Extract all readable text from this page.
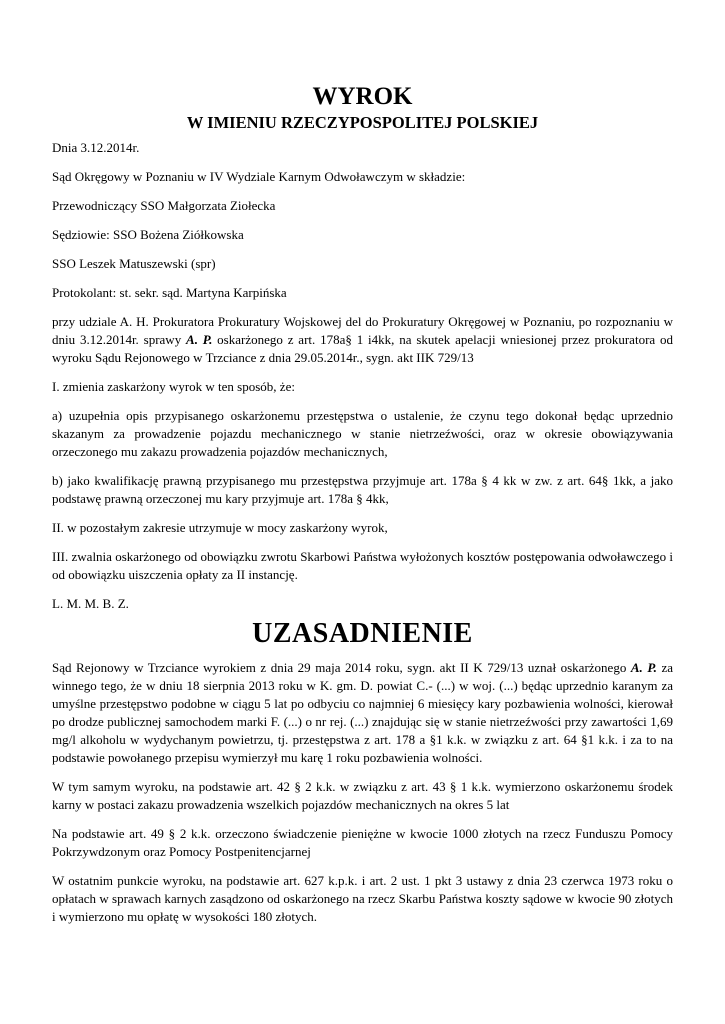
WYROK
W IMIENIU RZECZYPOSPOLITEJ POLSKIEJ

Dnia 3.12.2014r.

Sąd Okręgowy w Poznaniu w IV Wydziale Karnym Odwoławczym w składzie:

Przewodniczący SSO Małgorzata Ziołecka

Sędziowie: SSO Bożena Ziółkowska

SSO Leszek Matuszewski (spr)

Protokolant: st. sekr. sąd. Martyna Karpińska

przy udziale A. H. Prokuratora Prokuratury Wojskowej del do Prokuratury Okręgowej w Poznaniu, po rozpoznaniu w dniu 3.12.2014r. sprawy A. P. oskarżonego z art. 178a§ 1 i4kk, na skutek apelacji wniesionej przez prokuratora od wyroku Sądu Rejonowego w Trzciance z dnia 29.05.2014r., sygn. akt IIK 729/13

I. zmienia zaskarżony wyrok w ten sposób, że:

a) uzupełnia opis przypisanego oskarżonemu przestępstwa o ustalenie, że czynu tego dokonał będąc uprzednio skazanym za prowadzenie pojazdu mechanicznego w stanie nietrzeźwości, oraz w okresie obowiązywania orzeczonego mu zakazu prowadzenia pojazdów mechanicznych,

b) jako kwalifikację prawną przypisanego mu przestępstwa przyjmuje art. 178a § 4 kk w zw. z art. 64§ 1kk, a jako podstawę prawną orzeczonej mu kary przyjmuje art. 178a § 4kk,

II. w pozostałym zakresie utrzymuje w mocy zaskarżony wyrok,

III. zwalnia oskarżonego od obowiązku zwrotu Skarbowi Państwa wyłożonych kosztów postępowania odwoławczego i od obowiązku uiszczenia opłaty za II instancję.

L. M. M. B. Z.

UZASADNIENIE

Sąd Rejonowy w Trzciance wyrokiem z dnia 29 maja 2014 roku, sygn. akt II K 729/13 uznał oskarżonego A. P. za winnego tego, że w dniu 18 sierpnia 2013 roku w K. gm. D. powiat C.- (...) w woj. (...) będąc uprzednio karanym za umyślne przestępstwo podobne w ciągu 5 lat po odbyciu co najmniej 6 miesięcy kary pozbawienia wolności, kierował po drodze publicznej samochodem marki F. (...) o nr rej. (...) znajdując się w stanie nietrzeźwości przy zawartości 1,69 mg/l alkoholu w wydychanym powietrzu, tj. przestępstwa z art. 178 a §1 k.k. w związku z art. 64 §1 k.k. i za to na podstawie powołanego przepisu wymierzył mu karę 1 roku pozbawienia wolności.

W tym samym wyroku, na podstawie art. 42 § 2 k.k. w związku z art. 43 § 1 k.k. wymierzono oskarżonemu środek karny w postaci zakazu prowadzenia wszelkich pojazdów mechanicznych na okres 5 lat

Na podstawie art. 49 § 2 k.k. orzeczono świadczenie pieniężne w kwocie 1000 złotych na rzecz Funduszu Pomocy Pokrzywdzonym oraz Pomocy Postpenitencjarnej

W ostatnim punkcie wyroku, na podstawie art. 627 k.p.k. i art. 2 ust. 1 pkt 3 ustawy z dnia 23 czerwca 1973 roku o opłatach w sprawach karnych zasądzono od oskarżonego na rzecz Skarbu Państwa koszty sądowe w kwocie 90 złotych i wymierzono mu opłatę w wysokości 180 złotych.
